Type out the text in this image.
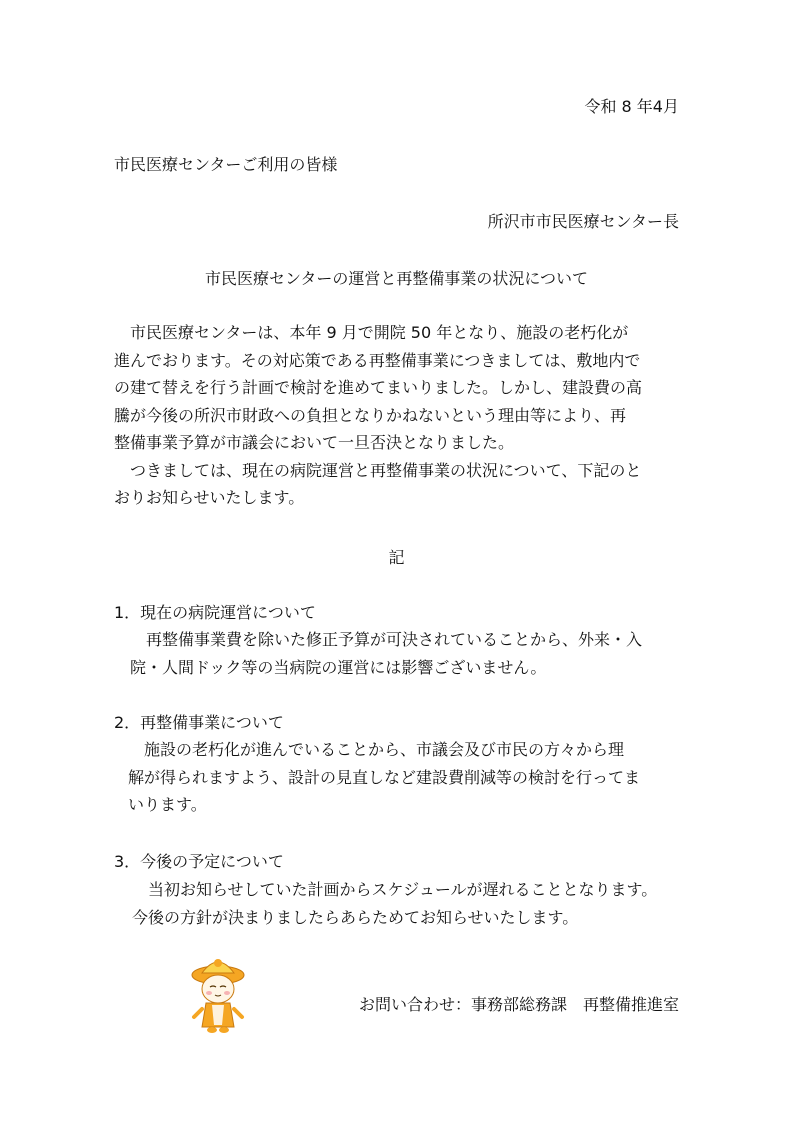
令和 8 年4月

市民医療センターご利用の皆様

所沢市市民医療センター長

市民医療センターの運営と再整備事業の状況について

　市民医療センターは、本年 9 月で開院 50 年となり、施設の老朽化が
進んでおります。その対応策である再整備事業につきましては、敷地内で
の建て替えを行う計画で検討を進めてまいりました。しかし、建設費の高
騰が今後の所沢市財政への負担となりかねないという理由等により、再
整備事業予算が市議会において一旦否決となりました。
　つきましては、現在の病院運営と再整備事業の状況について、下記のと
おりお知らせいたします。

記

1．現在の病院運営について

　再整備事業費を除いた修正予算が可決されていることから、外来・入
院・人間ドック等の当病院の運営には影響ございません。

2．再整備事業について

　施設の老朽化が進んでいることから、市議会及び市民の方々から理
解が得られますよう、設計の見直しなど建設費削減等の検討を行ってま
いります。

3．今後の予定について

　当初お知らせしていた計画からスケジュールが遅れることとなります。
今後の方針が決まりましたらあらためてお知らせいたします。

お問い合わせ：事務部総務課　再整備推進室
